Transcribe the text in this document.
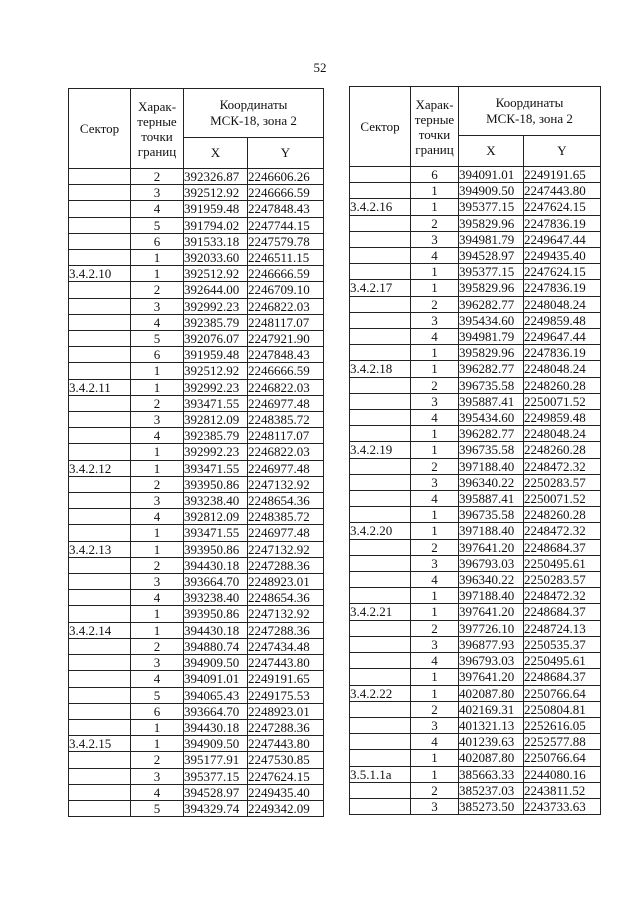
52
Сектор	Харак-
терные
точки
границ	Координаты
МСК-18, зона 2	
		X	Y
	2	392326.87	2246606.26
	3	392512.92	2246666.59
	4	391959.48	2247848.43
	5	391794.02	2247744.15
	6	391533.18	2247579.78
	1	392033.60	2246511.15
3.4.2.10	1	392512.92	2246666.59
	2	392644.00	2246709.10
	3	392992.23	2246822.03
	4	392385.79	2248117.07
	5	392076.07	2247921.90
	6	391959.48	2247848.43
	1	392512.92	2246666.59
3.4.2.11	1	392992.23	2246822.03
	2	393471.55	2246977.48
	3	392812.09	2248385.72
	4	392385.79	2248117.07
	1	392992.23	2246822.03
3.4.2.12	1	393471.55	2246977.48
	2	393950.86	2247132.92
	3	393238.40	2248654.36
	4	392812.09	2248385.72
	1	393471.55	2246977.48
3.4.2.13	1	393950.86	2247132.92
	2	394430.18	2247288.36
	3	393664.70	2248923.01
	4	393238.40	2248654.36
	1	393950.86	2247132.92
3.4.2.14	1	394430.18	2247288.36
	2	394880.74	2247434.48
	3	394909.50	2247443.80
	4	394091.01	2249191.65
	5	394065.43	2249175.53
	6	393664.70	2248923.01
	1	394430.18	2247288.36
3.4.2.15	1	394909.50	2247443.80
	2	395177.91	2247530.85
	3	395377.15	2247624.15
	4	394528.97	2249435.40
	5	394329.74	2249342.09
Сектор	Харак-
терные
точки
границ	Координаты
МСК-18, зона 2	
		X	Y
	6	394091.01	2249191.65
	1	394909.50	2247443.80
3.4.2.16	1	395377.15	2247624.15
	2	395829.96	2247836.19
	3	394981.79	2249647.44
	4	394528.97	2249435.40
	1	395377.15	2247624.15
3.4.2.17	1	395829.96	2247836.19
	2	396282.77	2248048.24
	3	395434.60	2249859.48
	4	394981.79	2249647.44
	1	395829.96	2247836.19
3.4.2.18	1	396282.77	2248048.24
	2	396735.58	2248260.28
	3	395887.41	2250071.52
	4	395434.60	2249859.48
	1	396282.77	2248048.24
3.4.2.19	1	396735.58	2248260.28
	2	397188.40	2248472.32
	3	396340.22	2250283.57
	4	395887.41	2250071.52
	1	396735.58	2248260.28
3.4.2.20	1	397188.40	2248472.32
	2	397641.20	2248684.37
	3	396793.03	2250495.61
	4	396340.22	2250283.57
	1	397188.40	2248472.32
3.4.2.21	1	397641.20	2248684.37
	2	397726.10	2248724.13
	3	396877.93	2250535.37
	4	396793.03	2250495.61
	1	397641.20	2248684.37
3.4.2.22	1	402087.80	2250766.64
	2	402169.31	2250804.81
	3	401321.13	2252616.05
	4	401239.63	2252577.88
	1	402087.80	2250766.64
3.5.1.1а	1	385663.33	2244080.16
	2	385237.03	2243811.52
	3	385273.50	2243733.63
